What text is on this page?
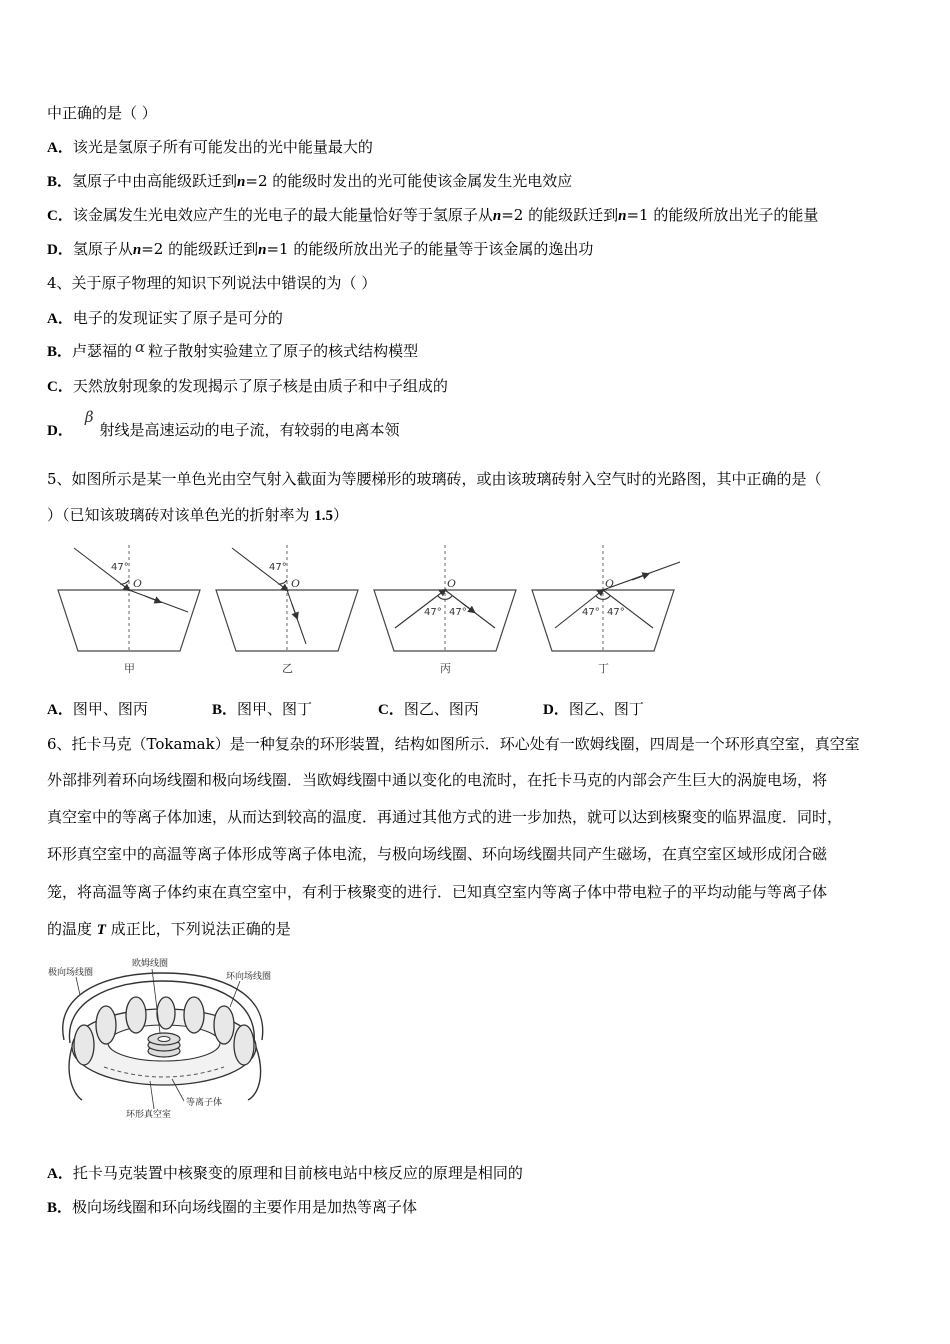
中正确的是（ ）
A．该光是氢原子所有可能发出的光中能量最大的
B．氢原子中由高能级跃迁到n=2 的能级时发出的光可能使该金属发生光电效应
C．该金属发生光电效应产生的光电子的最大能量恰好等于氢原子从n=2 的能级跃迁到n=1 的能级所放出光子的能量
D．氢原子从n=2 的能级跃迁到n=1 的能级所放出光子的能量等于该金属的逸出功
4、关于原子物理的知识下列说法中错误的为（ ）
A．电子的发现证实了原子是可分的
B．卢瑟福的 α 粒子散射实验建立了原子的核式结构模型
C．天然放射现象的发现揭示了原子核是由质子和中子组成的
D．β射线是高速运动的电子流，有较弱的电离本领
5、如图所示是某一单色光由空气射入截面为等腰梯形的玻璃砖，或由该玻璃砖射入空气时的光路图，其中正确的是（
）（已知该玻璃砖对该单色光的折射率为 1.5）
47°
O
甲
47°
O
乙
47° 47°
O
丙
47° 47°
O
丁
A．图甲、图丙	B．图甲、图丁	C．图乙、图丙	D．图乙、图丁
6、托卡马克（Tokamak）是一种复杂的环形装置，结构如图所示．环心处有一欧姆线圈，四周是一个环形真空室，真空室
外部排列着环向场线圈和极向场线圈．当欧姆线圈中通以变化的电流时，在托卡马克的内部会产生巨大的涡旋电场，将
真空室中的等离子体加速，从而达到较高的温度．再通过其他方式的进一步加热，就可以达到核聚变的临界温度．同时，
环形真空室中的高温等离子体形成等离子体电流，与极向场线圈、环向场线圈共同产生磁场，在真空室区域形成闭合磁
笼，将高温等离子体约束在真空室中，有利于核聚变的进行．已知真空室内等离子体中带电粒子的平均动能与等离子体
的温度 T 成正比，下列说法正确的是
极向场线圈
欧姆线圈
环向场线圈
等离子体
环形真空室
A．托卡马克装置中核聚变的原理和目前核电站中核反应的原理是相同的
B．极向场线圈和环向场线圈的主要作用是加热等离子体
